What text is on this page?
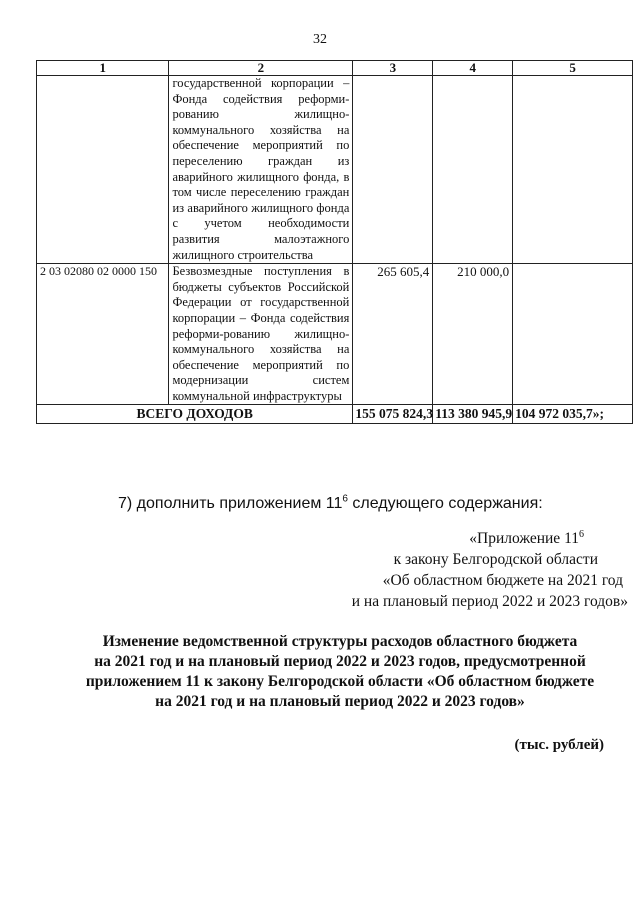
32
1	2	3	4	5
	государственной корпорации – Фонда содействия реформи-рованию жилищно-коммунального хозяйства на обеспечение мероприятий по переселению граждан из аварийного жилищного фонда, в том числе переселению граждан из аварийного жилищного фонда с учетом необходимости развития малоэтажного жилищного строительства			
2 03 02080 02 0000 150	Безвозмездные поступления в бюджеты субъектов Российской Федерации от государственной корпорации – Фонда содействия реформи-рованию жилищно-коммунального хозяйства на обеспечение мероприятий по модернизации систем коммунальной инфраструктуры	265 605,4	210 000,0	
ВСЕГО ДОХОДОВ		155 075 824,3	113 380 945,9	104 972 035,7»;
7) дополнить приложением $11^6$ следующего содержания:
«Приложение $11^6$
к закону Белгородской области
«Об областном бюджете на 2021 год
и на плановый период 2022 и 2023 годов»
Изменение ведомственной структуры расходов областного бюджета
на 2021 год и на плановый период 2022 и 2023 годов, предусмотренной
приложением 11 к закону Белгородской области «Об областном бюджете
на 2021 год и на плановый период 2022 и 2023 годов»
(тыс. рублей)
